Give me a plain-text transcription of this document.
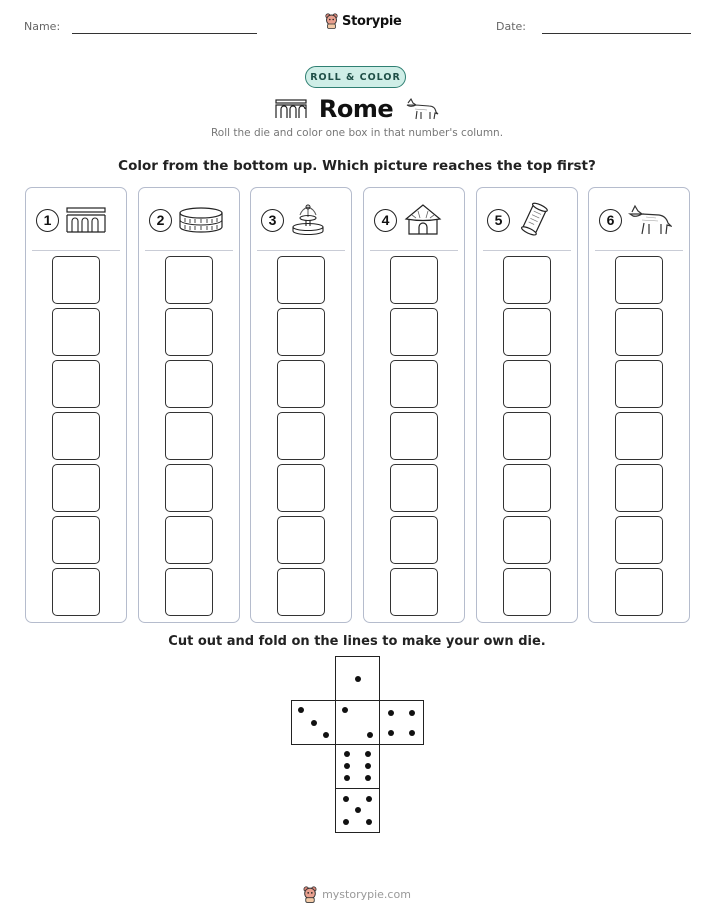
Name:	Storypie	Date:
ROLL & COLOR
Rome
Roll the die and color one box in that number's column.
Color from the bottom up. Which picture reaches the top first?
1	2	3	4	5	6
Cut out and fold on the lines to make your own die.
mystorypie.com
